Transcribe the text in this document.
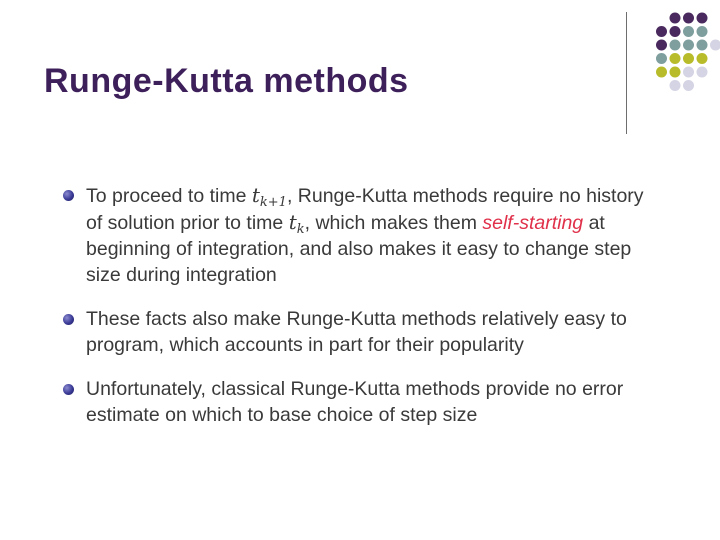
Runge-Kutta methods
To proceed to time $t_{k+1}$, Runge-Kutta methods require no history of solution prior to time $t_k$, which makes them self-starting at beginning of integration, and also makes it easy to change step size during integration
These facts also make Runge-Kutta methods relatively easy to program, which accounts in part for their popularity
Unfortunately, classical Runge-Kutta methods provide no error estimate on which to base choice of step size
